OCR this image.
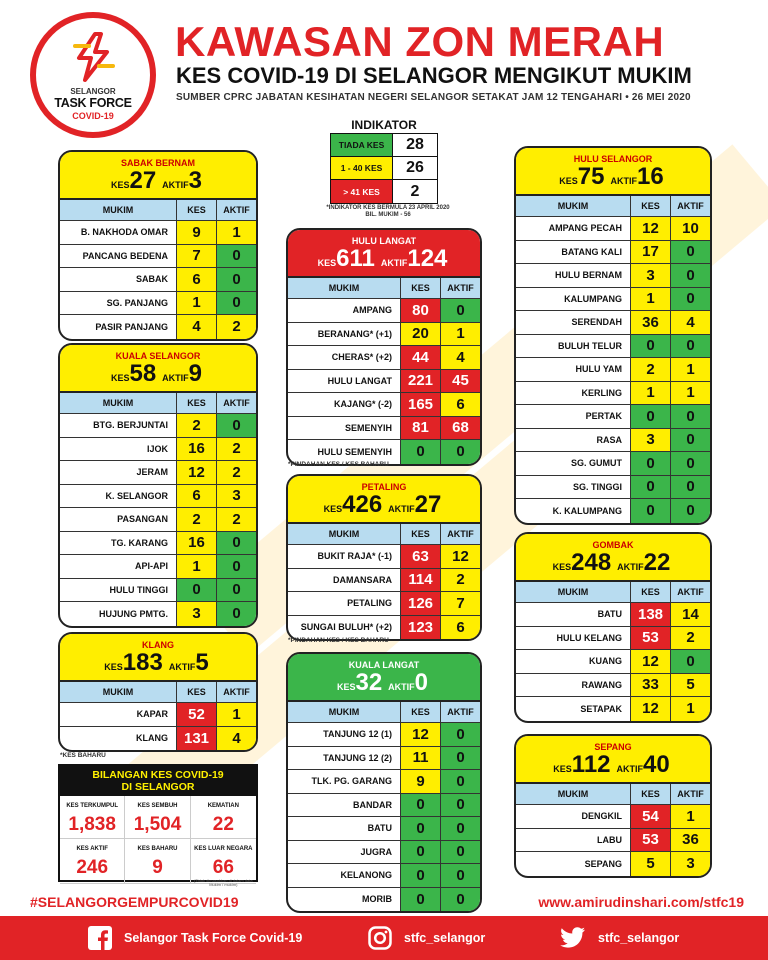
SELANGOR
TASK FORCE
COVID-19
KAWASAN ZON MERAH
KES COVID-19 DI SELANGOR MENGIKUT MUKIM
SUMBER CPRC JABATAN KESIHATAN NEGERI SELANGOR SETAKAT JAM 12 TENGAHARI • 26 MEI 2020
INDIKATOR
TIADA KES	28
1 - 40 KES	26
> 41 KES	2
*INDIKATOR KES BERMULA 23 APRIL 2020
BIL. MUKIM - 56
SABAK BERNAM
KES27 AKTIF3
MUKIM	KES	AKTIF
B. NAKHODA OMAR	9	1
PANCANG BEDENA	7	0
SABAK	6	0
SG. PANJANG	1	0
PASIR PANJANG	4	2
KUALA SELANGOR
KES58 AKTIF9
MUKIM	KES	AKTIF
BTG. BERJUNTAI	2	0
IJOK	16	2
JERAM	12	2
K. SELANGOR	6	3
PASANGAN	2	2
TG. KARANG	16	0
API-API	1	0
HULU TINGGI	0	0
HUJUNG PMTG.	3	0
KLANG
KES183 AKTIF5
MUKIM	KES	AKTIF
KAPAR	52	1
KLANG	131	4
HULU LANGAT
KES611 AKTIF124
MUKIM	KES	AKTIF
AMPANG	80	0
BERANANG* (+1)	20	1
CHERAS* (+2)	44	4
HULU LANGAT	221	45
KAJANG* (-2)	165	6
SEMENYIH	81	68
HULU SEMENYIH	0	0
PETALING
KES426 AKTIF27
MUKIM	KES	AKTIF
BUKIT RAJA* (-1)	63	12
DAMANSARA	114	2
PETALING	126	7
SUNGAI BULUH* (+2)	123	6
KUALA LANGAT
KES32 AKTIF0
MUKIM	KES	AKTIF
TANJUNG 12 (1)	12	0
TANJUNG 12 (2)	11	0
TLK. PG. GARANG	9	0
BANDAR	0	0
BATU	0	0
JUGRA	0	0
KELANONG	0	0
MORIB	0	0
HULU SELANGOR
KES75 AKTIF16
MUKIM	KES	AKTIF
AMPANG PECAH	12	10
BATANG KALI	17	0
HULU BERNAM	3	0
KALUMPANG	1	0
SERENDAH	36	4
BULUH TELUR	0	0
HULU YAM	2	1
KERLING	1	1
PERTAK	0	0
RASA	3	0
SG. GUMUT	0	0
SG. TINGGI	0	0
K. KALUMPANG	0	0
GOMBAK
KES248 AKTIF22
MUKIM	KES	AKTIF
BATU	138	14
HULU KELANG	53	2
KUANG	12	0
RAWANG	33	5
SETAPAK	12	1
SEPANG
KES112 AKTIF40
MUKIM	KES	AKTIF
DENGKIL	54	1
LABU	53	36
SEPANG	5	3
*PINDAHAN KES / KES BAHARU
*PINDAHAN KES / KES BAHARU
*KES BAHARU
BILANGAN KES COVID-19
DI SELANGOR
KES TERKUMPUL
1,838
KES SEMBUH
1,504
KEMATIAN
22
KES AKTIF
246
KES BAHARU
9
KES LUAR NEGARA
66
(Tidak dimasukkan di dalam data Mukim / mukim)
#SELANGORGEMPURCOVID19	www.amirudinshari.com/stfc19
Selangor Task Force Covid-19	stfc_selangor	stfc_selangor
